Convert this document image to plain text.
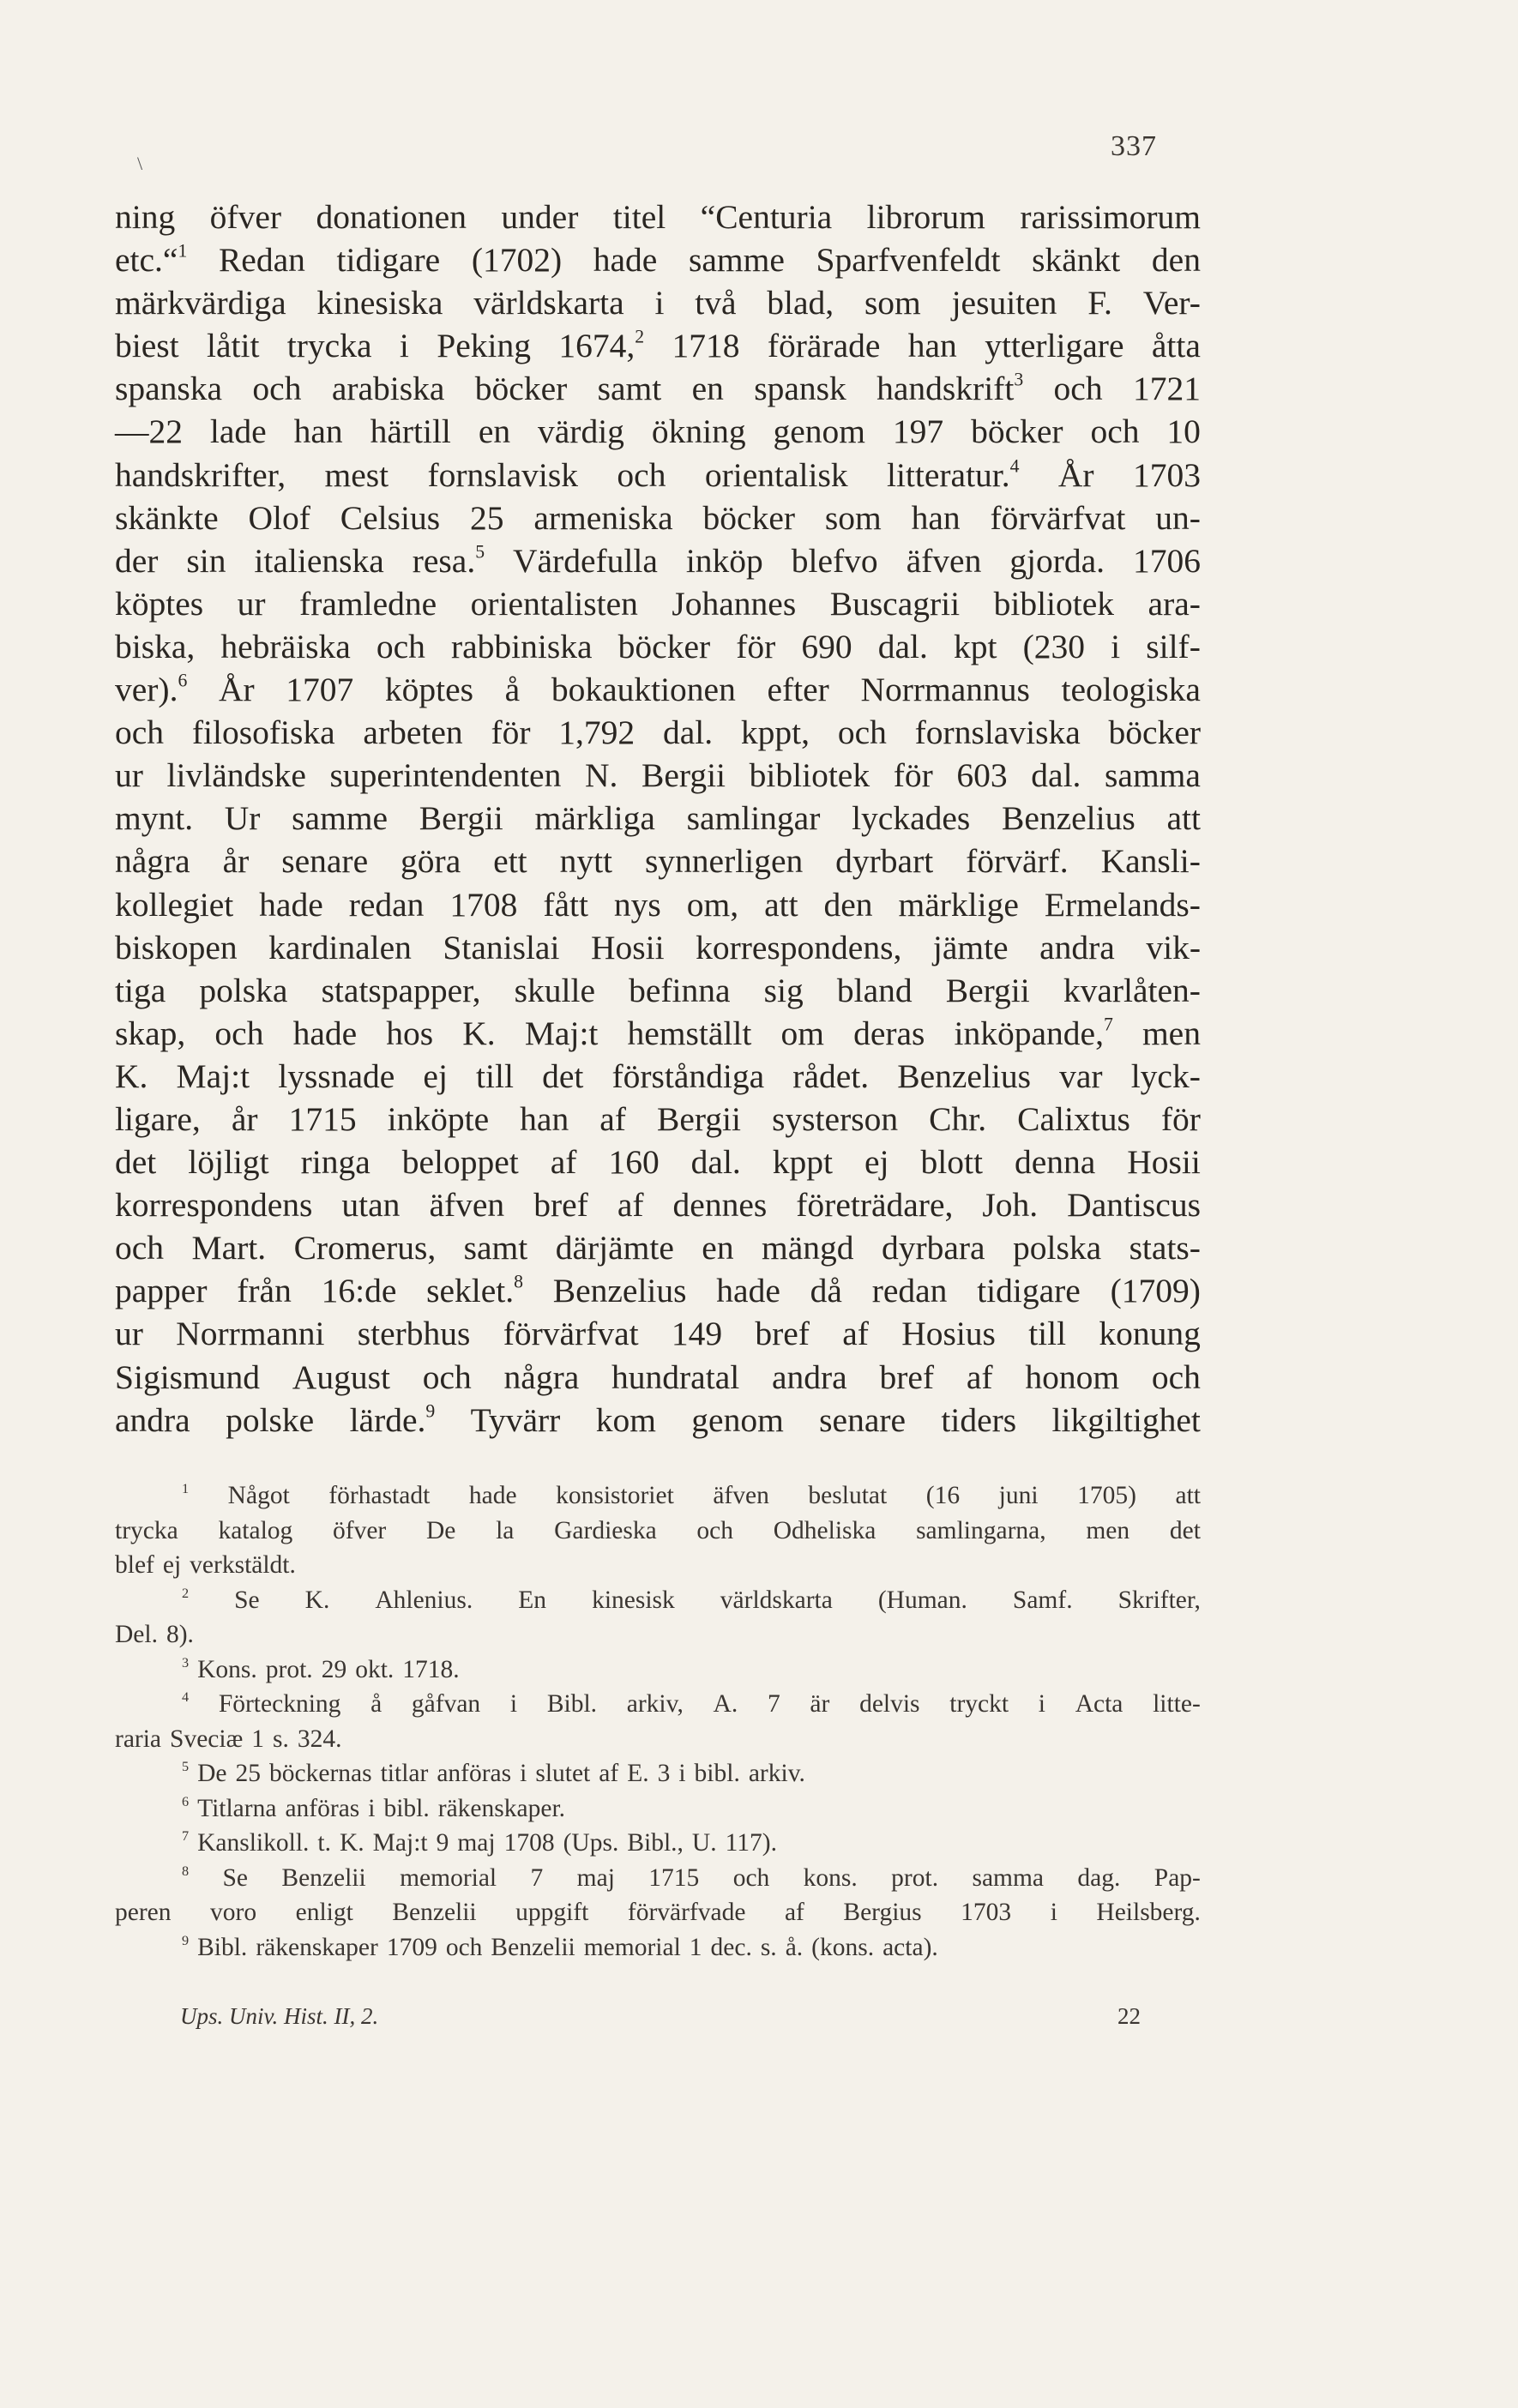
\
337
ning öfver donationen under titel “Centuria librorum rarissimorum
etc.“$^1$ Redan tidigare (1702) hade samme Sparfvenfeldt skänkt den
märkvärdiga kinesiska världskarta i två blad, som jesuiten F. Ver-
biest låtit trycka i Peking 1674,$^2$ 1718 förärade han ytterligare åtta
spanska och arabiska böcker samt en spansk handskrift$^3$ och 1721
—22 lade han härtill en värdig ökning genom 197 böcker och 10
handskrifter, mest fornslavisk och orientalisk litteratur.$^4$ År 1703
skänkte Olof Celsius 25 armeniska böcker som han förvärfvat un-
der sin italienska resa.$^5$ Värdefulla inköp blefvo äfven gjorda. 1706
köptes ur framledne orientalisten Johannes Buscagrii bibliotek ara-
biska, hebräiska och rabbiniska böcker för 690 dal. kpt (230 i silf-
ver).$^6$ År 1707 köptes å bokauktionen efter Norrmannus teologiska
och filosofiska arbeten för 1,792 dal. kppt, och fornslaviska böcker
ur livländske superintendenten N. Bergii bibliotek för 603 dal. samma
mynt. Ur samme Bergii märkliga samlingar lyckades Benzelius att
några år senare göra ett nytt synnerligen dyrbart förvärf. Kansli-
kollegiet hade redan 1708 fått nys om, att den märklige Ermelands-
biskopen kardinalen Stanislai Hosii korrespondens, jämte andra vik-
tiga polska statspapper, skulle befinna sig bland Bergii kvarlåten-
skap, och hade hos K. Maj:t hemställt om deras inköpande,$^7$ men
K. Maj:t lyssnade ej till det förståndiga rådet. Benzelius var lyck-
ligare, år 1715 inköpte han af Bergii systerson Chr. Calixtus för
det löjligt ringa beloppet af 160 dal. kppt ej blott denna Hosii
korrespondens utan äfven bref af dennes företrädare, Joh. Dantiscus
och Mart. Cromerus, samt därjämte en mängd dyrbara polska stats-
papper från 16:de seklet.$^8$ Benzelius hade då redan tidigare (1709)
ur Norrmanni sterbhus förvärfvat 149 bref af Hosius till konung
Sigismund August och några hundratal andra bref af honom och
andra polske lärde.$^9$ Tyvärr kom genom senare tiders likgiltighet
$^1$ Något förhastadt hade konsistoriet äfven beslutat (16 juni 1705) att
trycka katalog öfver De la Gardieska och Odheliska samlingarna, men det
blef ej verkstäldt.
$^2$ Se K. Ahlenius. En kinesisk världskarta (Human. Samf. Skrifter,
Del. 8).
$^3$ Kons. prot. 29 okt. 1718.
$^4$ Förteckning å gåfvan i Bibl. arkiv, A. 7 är delvis tryckt i Acta litte-
raria Sveciæ 1 s. 324.
$^5$ De 25 böckernas titlar anföras i slutet af E. 3 i bibl. arkiv.
$^6$ Titlarna anföras i bibl. räkenskaper.
$^7$ Kanslikoll. t. K. Maj:t 9 maj 1708 (Ups. Bibl., U. 117).
$^8$ Se Benzelii memorial 7 maj 1715 och kons. prot. samma dag. Pap-
peren voro enligt Benzelii uppgift förvärfvade af Bergius 1703 i Heilsberg.
$^9$ Bibl. räkenskaper 1709 och Benzelii memorial 1 dec. s. å. (kons. acta).
Ups. Univ. Hist. II, 2.	22
